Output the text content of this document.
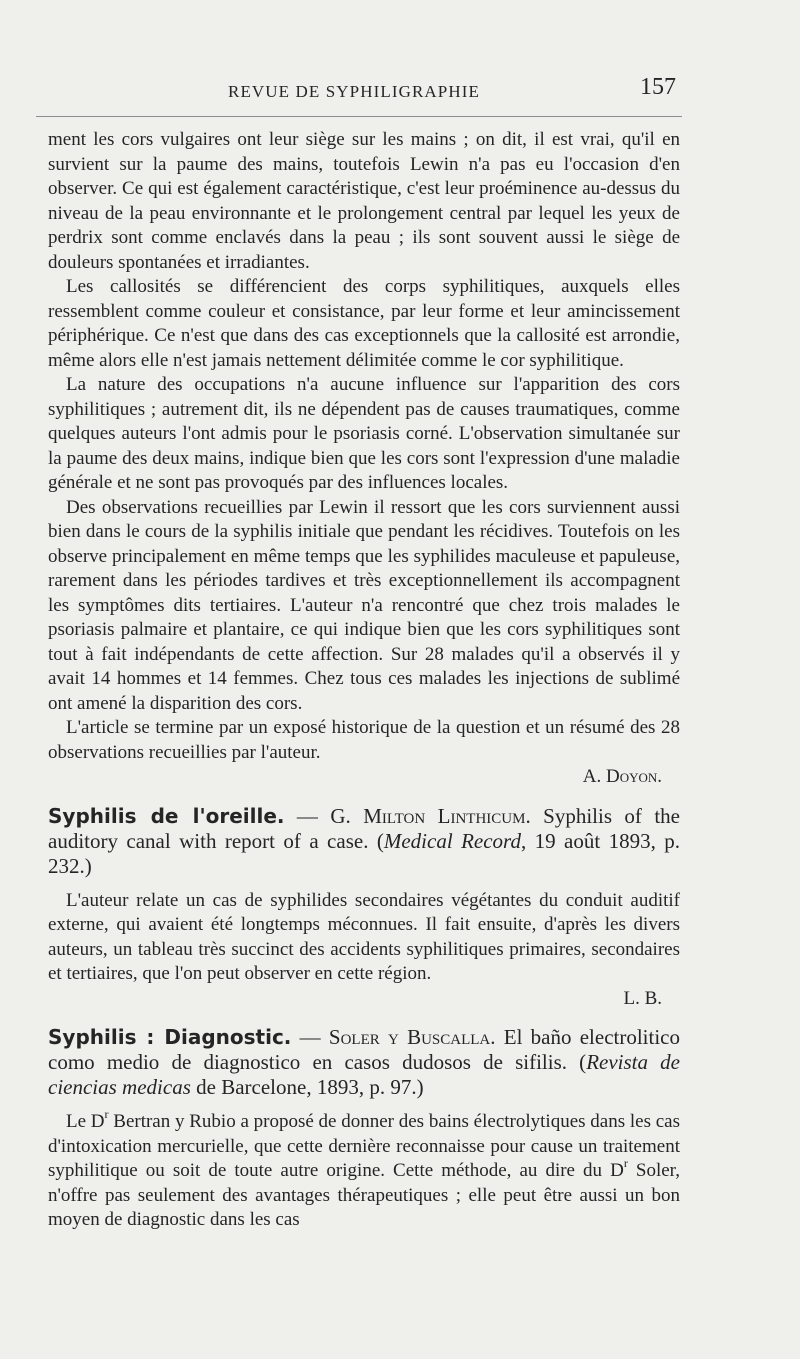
REVUE DE SYPHILIGRAPHIE	157

ment les cors vulgaires ont leur siège sur les mains ; on dit, il est vrai, qu'il en survient sur la paume des mains, toutefois Lewin n'a pas eu l'occasion d'en observer. Ce qui est également caractéristique, c'est leur proéminence au-dessus du niveau de la peau environnante et le prolongement central par lequel les yeux de perdrix sont comme enclavés dans la peau ; ils sont souvent aussi le siège de douleurs spontanées et irradiantes.

Les callosités se différencient des corps syphilitiques, auxquels elles ressemblent comme couleur et consistance, par leur forme et leur amincissement périphérique. Ce n'est que dans des cas exceptionnels que la callosité est arrondie, même alors elle n'est jamais nettement délimitée comme le cor syphilitique.

La nature des occupations n'a aucune influence sur l'apparition des cors syphilitiques ; autrement dit, ils ne dépendent pas de causes traumatiques, comme quelques auteurs l'ont admis pour le psoriasis corné. L'observation simultanée sur la paume des deux mains, indique bien que les cors sont l'expression d'une maladie générale et ne sont pas provoqués par des influences locales.

Des observations recueillies par Lewin il ressort que les cors surviennent aussi bien dans le cours de la syphilis initiale que pendant les récidives. Toutefois on les observe principalement en même temps que les syphilides maculeuse et papuleuse, rarement dans les périodes tardives et très exceptionnellement ils accompagnent les symptômes dits tertiaires. L'auteur n'a rencontré que chez trois malades le psoriasis palmaire et plantaire, ce qui indique bien que les cors syphilitiques sont tout à fait indépendants de cette affection. Sur 28 malades qu'il a observés il y avait 14 hommes et 14 femmes. Chez tous ces malades les injections de sublimé ont amené la disparition des cors.

L'article se termine par un exposé historique de la question et un résumé des 28 observations recueillies par l'auteur.

A. Doyon.

Syphilis de l'oreille. — G. Milton Linthicum. Syphilis of the auditory canal with report of a case. (Medical Record, 19 août 1893, p. 232.)

L'auteur relate un cas de syphilides secondaires végétantes du conduit auditif externe, qui avaient été longtemps méconnues. Il fait ensuite, d'après les divers auteurs, un tableau très succinct des accidents syphilitiques primaires, secondaires et tertiaires, que l'on peut observer en cette région.

L. B.

Syphilis : Diagnostic. — Soler y Buscalla. El baño electrolitico como medio de diagnostico en casos dudosos de sifilis. (Revista de ciencias medicas de Barcelone, 1893, p. 97.)

Le $D^r$ Bertran y Rubio a proposé de donner des bains électrolytiques dans les cas d'intoxication mercurielle, que cette dernière reconnaisse pour cause un traitement syphilitique ou soit de toute autre origine. Cette méthode, au dire du $D^r$ Soler, n'offre pas seulement des avantages thérapeutiques ; elle peut être aussi un bon moyen de diagnostic dans les cas
